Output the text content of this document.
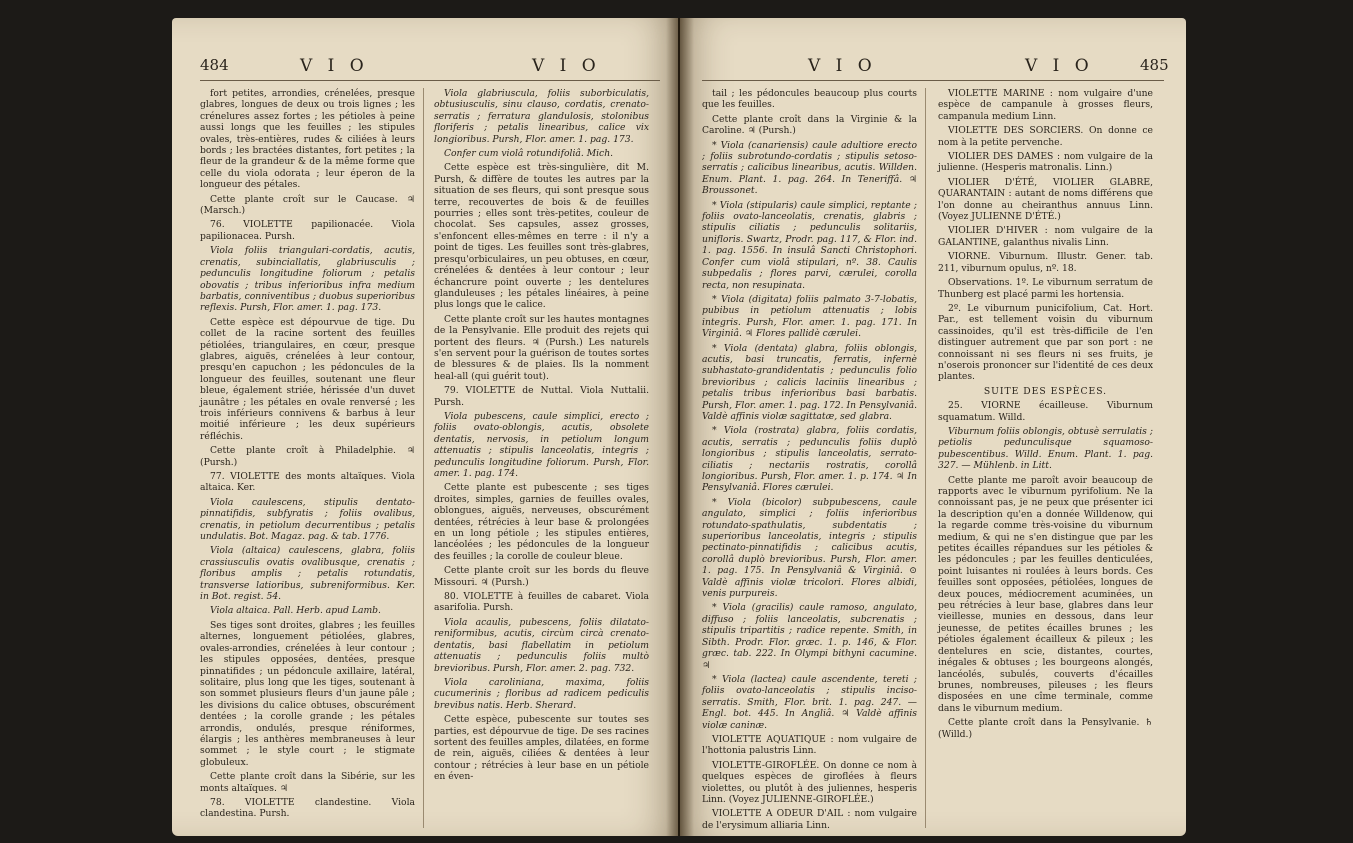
484	V I O	V I O

fort petites, arrondies, crénelées, presque glabres, longues de deux ou trois lignes ; les crénelures assez fortes ; les pétioles à peine aussi longs que les feuilles ; les stipules ovales, très-entières, rudes & ciliées à leurs bords ; les bractées distantes, fort petites ; la fleur de la grandeur & de la même forme que celle du viola odorata ; leur éperon de la longueur des pétales.

Cette plante croît sur le Caucase. ♃ (Marsch.)

76. VIOLETTE papilionacée. Viola papilionacea. Pursh.

Viola foliis triangulari-cordatis, acutis, crenatis, subinciallatis, glabriusculis ; pedunculis longitudine foliorum ; petalis obovatis ; tribus inferioribus infra medium barbatis, conniventibus ; duobus superioribus reflexis. Pursh, Flor. amer. 1. pag. 173.

Cette espèce est dépourvue de tige. Du collet de la racine sortent des feuilles pétiolées, triangulaires, en cœur, presque glabres, aiguës, crénelées à leur contour, presqu'en capuchon ; les pédoncules de la longueur des feuilles, soutenant une fleur bleue, également striée, hérissée d'un duvet jaunâtre ; les pétales en ovale renversé ; les trois inférieurs connivens & barbus à leur moitié inférieure ; les deux supérieurs réfléchis.

Cette plante croît à Philadelphie. ♃ (Pursh.)

77. VIOLETTE des monts altaïques. Viola altaica. Ker.

Viola caulescens, stipulis dentato-pinnatifidis, subfyratis ; foliis ovalibus, crenatis, in petiolum decurrentibus ; petalis undulatis. Bot. Magaz. pag. & tab. 1776.

Viola (altaica) caulescens, glabra, foliis crassiusculis ovatis ovalibusque, crenatis ; floribus amplis ; petalis rotundatis, transverse latioribus, subreniformibus. Ker. in Bot. regist. 54.

Viola altaica. Pall. Herb. apud Lamb.

Ses tiges sont droites, glabres ; les feuilles alternes, longuement pétiolées, glabres, ovales-arrondies, crénelées à leur contour ; les stipules opposées, dentées, presque pinnatifides ; un pédoncule axillaire, latéral, solitaire, plus long que les tiges, soutenant à son sommet plusieurs fleurs d'un jaune pâle ; les divisions du calice obtuses, obscurément dentées ; la corolle grande ; les pétales arrondis, ondulés, presque réniformes, élargis ; les anthères membraneuses à leur sommet ; le style court ; le stigmate globuleux.

Cette plante croît dans la Sibérie, sur les monts altaïques. ♃

78. VIOLETTE clandestine. Viola clandestina. Pursh.

Viola glabriuscula, foliis suborbiculatis, obtusiusculis, sinu clauso, cordatis, crenato-serratis ; ferratura glandulosis, stolonibus floriferis ; petalis linearibus, calice vix longioribus. Pursh, Flor. amer. 1. pag. 173.

Confer cum violâ rotundifoliâ. Mich.

Cette espèce est très-singulière, dit M. Pursh, & diffère de toutes les autres par la situation de ses fleurs, qui sont presque sous terre, recouvertes de bois & de feuilles pourries ; elles sont très-petites, couleur de chocolat. Ses capsules, assez grosses, s'enfoncent elles-mêmes en terre : il n'y a point de tiges. Les feuilles sont très-glabres, presqu'orbiculaires, un peu obtuses, en cœur, crénelées & dentées à leur contour ; leur échancrure point ouverte ; les dentelures glanduleuses ; les pétales linéaires, à peine plus longs que le calice.

Cette plante croît sur les hautes montagnes de la Pensylvanie. Elle produit des rejets qui portent des fleurs. ♃ (Pursh.) Les naturels s'en servent pour la guérison de toutes sortes de blessures & de plaies. Ils la nomment heal-all (qui guérit tout).

79. VIOLETTE de Nuttal. Viola Nuttalii. Pursh.

Viola pubescens, caule simplici, erecto ; foliis ovato-oblongis, acutis, obsolete dentatis, nervosis, in petiolum longum attenuatis ; stipulis lanceolatis, integris ; pedunculis longitudine foliorum. Pursh, Flor. amer. 1. pag. 174.

Cette plante est pubescente ; ses tiges droites, simples, garnies de feuilles ovales, oblongues, aiguës, nerveuses, obscurément dentées, rétrécies à leur base & prolongées en un long pétiole ; les stipules entières, lancéolées ; les pédoncules de la longueur des feuilles ; la corolle de couleur bleue.

Cette plante croît sur les bords du fleuve Missouri. ♃ (Pursh.)

80. VIOLETTE à feuilles de cabaret. Viola asarifolia. Pursh.

Viola acaulis, pubescens, foliis dilatato-reniformibus, acutis, circùm circà crenato-dentatis, basi flabellatim in petiolum attenuatis ; pedunculis foliis multò brevioribus. Pursh, Flor. amer. 2. pag. 732.

Viola caroliniana, maxima, foliis cucumerinis ; floribus ad radicem pediculis brevibus natis. Herb. Sherard.

Cette espèce, pubescente sur toutes ses parties, est dépourvue de tige. De ses racines sortent des feuilles amples, dilatées, en forme de rein, aiguës, ciliées & dentées à leur contour ; rétrécies à leur base en un pétiole en éven-

V I O	V I O	485

tail ; les pédoncules beaucoup plus courts que les feuilles.

Cette plante croît dans la Virginie & la Caroline. ♃ (Pursh.)

* Viola (canariensis) caule adultiore erecto ; foliis subrotundo-cordatis ; stipulis setoso-serratis ; calicibus linearibus, acutis. Willden. Enum. Plant. 1. pag. 264. In Teneriffâ. ♃ Broussonet.

* Viola (stipularis) caule simplici, reptante ; foliis ovato-lanceolatis, crenatis, glabris ; stipulis ciliatis ; pedunculis solitariis, unifloris. Swartz, Prodr. pag. 117, & Flor. ind. 1. pag. 1556. In insulâ Sancti Christophori. Confer cum violâ stipulari, nº. 38. Caulis subpedalis ; flores parvi, cærulei, corolla recta, non resupinata.

* Viola (digitata) foliis palmato 3-7-lobatis, pubibus in petiolum attenuatis ; lobis integris. Pursh, Flor. amer. 1. pag. 171. In Virginiâ. ♃ Flores pallidè cærulei.

* Viola (dentata) glabra, foliis oblongis, acutis, basi truncatis, ferratis, infernè subhastato-grandidentatis ; pedunculis folio brevioribus ; calicis laciniis linearibus ; petalis tribus inferioribus basi barbatis. Pursh, Flor. amer. 1. pag. 172. In Pensylvaniâ. Valdè affinis violæ sagittatæ, sed glabra.

* Viola (rostrata) glabra, foliis cordatis, acutis, serratis ; pedunculis foliis duplò longioribus ; stipulis lanceolatis, serrato-ciliatis ; nectariis rostratis, corollâ longioribus. Pursh, Flor. amer. 1. p. 174. ♃ In Pensylvaniâ. Flores cærulei.

* Viola (bicolor) subpubescens, caule angulato, simplici ; foliis inferioribus rotundato-spathulatis, subdentatis ; superioribus lanceolatis, integris ; stipulis pectinato-pinnatifidis ; calicibus acutis, corollâ duplò brevioribus. Pursh, Flor. amer. 1. pag. 175. In Pensylvaniâ & Virginiâ. ⊙ Valdè affinis violæ tricolori. Flores albidi, venis purpureis.

* Viola (gracilis) caule ramoso, angulato, diffuso ; foliis lanceolatis, subcrenatis ; stipulis tripartitis ; radice repente. Smith, in Sibth. Prodr. Flor. græc. 1. p. 146, & Flor. græc. tab. 222. In Olympi bithyni cacumine. ♃

* Viola (lactea) caule ascendente, tereti ; foliis ovato-lanceolatis ; stipulis inciso-serratis. Smith, Flor. brit. 1. pag. 247. — Engl. bot. 445. In Angliâ. ♃ Valdè affinis violæ caninæ.

VIOLETTE AQUATIQUE : nom vulgaire de l'hottonia palustris Linn.

VIOLETTE-GIROFLÉE. On donne ce nom à quelques espèces de giroflées à fleurs violettes, ou plutôt à des juliennes, hesperis Linn. (Voyez JULIENNE-GIROFLÉE.)

VIOLETTE A ODEUR D'AIL : nom vulgaire de l'erysimum alliaria Linn.

VIOLETTE MARINE : nom vulgaire d'une espèce de campanule à grosses fleurs, campanula medium Linn.

VIOLETTE DES SORCIERS. On donne ce nom à la petite pervenche.

VIOLIER DES DAMES : nom vulgaire de la julienne. (Hesperis matronalis. Linn.)

VIOLIER D'ÉTÉ, VIOLIER GLABRE, QUARANTAIN : autant de noms différens que l'on donne au cheiranthus annuus Linn. (Voyez JULIENNE D'ÉTÉ.)

VIOLIER D'HIVER : nom vulgaire de la GALANTINE, galanthus nivalis Linn.

VIORNE. Viburnum. Illustr. Gener. tab. 211, viburnum opulus, nº. 18.

Observations. 1º. Le viburnum serratum de Thunberg est placé parmi les hortensia.

2º. Le viburnum punicifolium, Cat. Hort. Par., est tellement voisin du viburnum cassinoides, qu'il est très-difficile de l'en distinguer autrement que par son port : ne connoissant ni ses fleurs ni ses fruits, je n'oserois prononcer sur l'identité de ces deux plantes.

SUITE DES ESPÈCES.

25. VIORNE écailleuse. Viburnum squamatum. Willd.

Viburnum foliis oblongis, obtusè serrulatis ; petiolis pedunculisque squamoso-pubescentibus. Willd. Enum. Plant. 1. pag. 327. — Mühlenb. in Litt.

Cette plante me paroît avoir beaucoup de rapports avec le viburnum pyrifolium. Ne la connoissant pas, je ne peux que présenter ici la description qu'en a donnée Willdenow, qui la regarde comme très-voisine du viburnum medium, & qui ne s'en distingue que par les petites écailles répandues sur les pétioles & les pédoncules ; par les feuilles denticulées, point luisantes ni roulées à leurs bords. Ces feuilles sont opposées, pétiolées, longues de deux pouces, médiocrement acuminées, un peu rétrécies à leur base, glabres dans leur vieillesse, munies en dessous, dans leur jeunesse, de petites écailles brunes ; les pétioles également écailleux & pileux ; les dentelures en scie, distantes, courtes, inégales & obtuses ; les bourgeons alongés, lancéolés, subulés, couverts d'écailles brunes, nombreuses, pileuses ; les fleurs disposées en une cîme terminale, comme dans le viburnum medium.

Cette plante croît dans la Pensylvanie. ♄ (Willd.)
